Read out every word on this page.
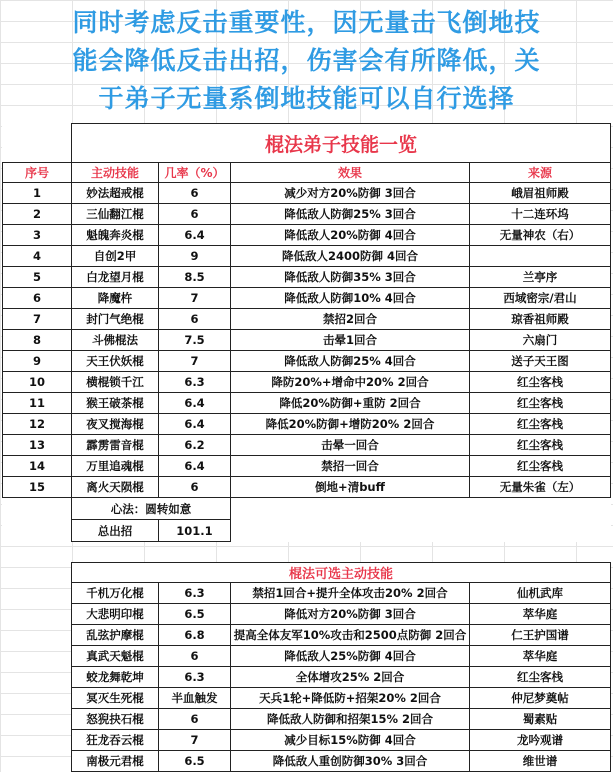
同时考虑反击重要性，因无量击飞倒地技
能会降低反击出招，伤害会有所降低，关
于弟子无量系倒地技能可以自行选择
	棍法弟子技能一览			
序号	主动技能	几率（%）	效果	来源
1	妙法超戒棍	6	减少对方20%防御 3回合	峨眉祖师殿
2	三仙翻江棍	6	降低敌人防御25% 3回合	十二连环坞
3	魁魄奔炎棍	6.4	降低敌人20%防御 4回合	无量神农（右）
4	自创2甲	9	降低敌人2400防御 4回合	
5	白龙望月棍	8.5	降低敌人防御35% 3回合	兰亭序
6	降魔杵	7	降低敌人防御10% 4回合	西域密宗/君山
7	封门气绝棍	6	禁招2回合	琼香祖师殿
8	斗佛棍法	7.5	击晕1回合	六扇门
9	天王伏妖棍	7	降低敌人防御25% 4回合	送子天王图
10	横棍锁千江	6.3	降防20%+增命中20% 2回合	红尘客栈
11	猴王破茶棍	6.4	降低20%防御+重防 2回合	红尘客栈
12	夜叉搅海棍	6.4	降低20%防御+增防20% 2回合	红尘客栈
13	霹雳雷音棍	6.2	击晕一回合	红尘客栈
14	万里追魂棍	6.4	禁招一回合	红尘客栈
15	离火天陨棍	6	倒地+清buff	无量朱雀（左）
	心法：圆转如意			
	总出招	101.1		
棍法可选主动技能			
千机万化棍	6.3	禁招1回合+提升全体攻击20% 2回合	仙机武库
大悲明印棍	6.5	降低对方20%防御 3回合	萃华庭
乱弦护摩棍	6.8	提高全体友军10%攻击和2500点防御 2回合	仁王护国谱
真武天魁棍	6	降低敌人25%防御 4回合	萃华庭
蛟龙舞乾坤	6.3	全体增攻25% 2回合	红尘客栈
冥灭生死棍	半血触发	天兵1轮+降低防+招架20% 2回合	仲尼梦奠帖
怒猊抉石棍	6	降低敌人防御和招架15% 2回合	蜀素贴
狂龙吞云棍	7	减少目标15%防御 4回合	龙吟观谱
南极元君棍	6.5	降低敌人重创防御30% 3回合	维世谱
